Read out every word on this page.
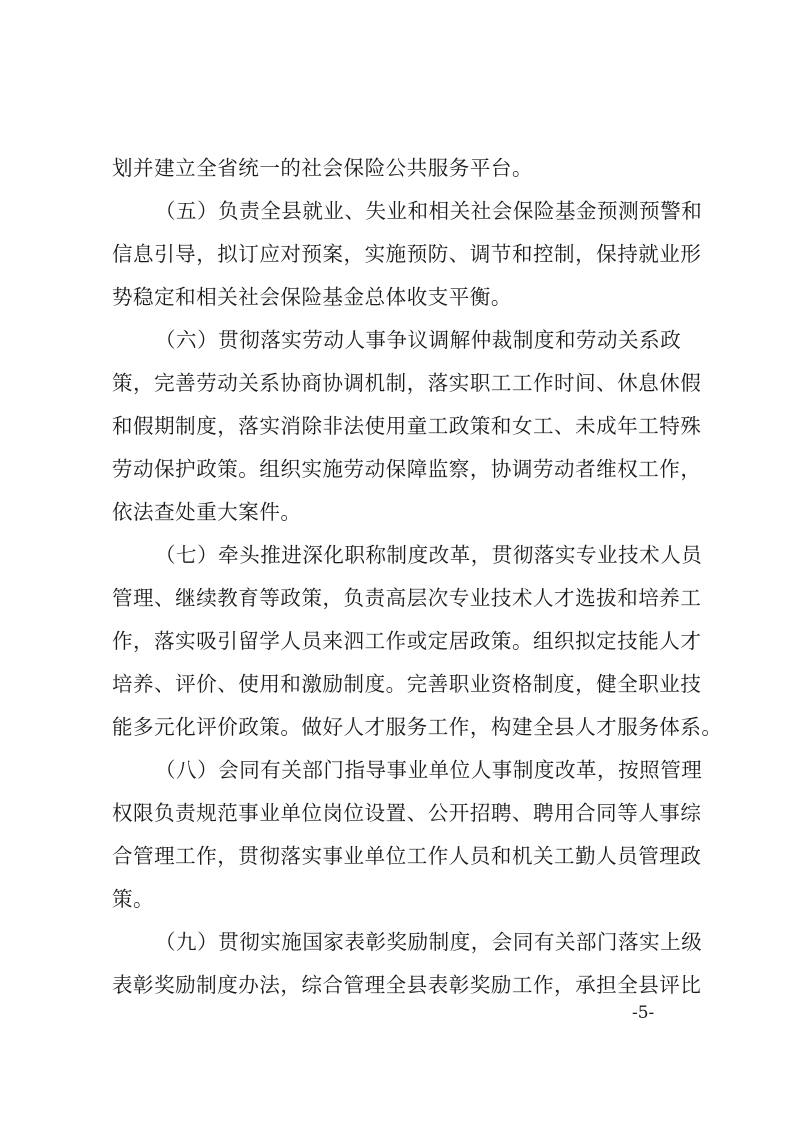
划并建立全省统一的社会保险公共服务平台。
（五）负责全县就业、失业和相关社会保险基金预测预警和
信息引导，拟订应对预案，实施预防、调节和控制，保持就业形
势稳定和相关社会保险基金总体收支平衡。
（六）贯彻落实劳动人事争议调解仲裁制度和劳动关系政
策，完善劳动关系协商协调机制，落实职工工作时间、休息休假
和假期制度，落实消除非法使用童工政策和女工、未成年工特殊
劳动保护政策。组织实施劳动保障监察，协调劳动者维权工作，
依法查处重大案件。
（七）牵头推进深化职称制度改革，贯彻落实专业技术人员
管理、继续教育等政策，负责高层次专业技术人才选拔和培养工
作，落实吸引留学人员来泗工作或定居政策。组织拟定技能人才
培养、评价、使用和激励制度。完善职业资格制度，健全职业技
能多元化评价政策。做好人才服务工作，构建全县人才服务体系。
（八）会同有关部门指导事业单位人事制度改革，按照管理
权限负责规范事业单位岗位设置、公开招聘、聘用合同等人事综
合管理工作，贯彻落实事业单位工作人员和机关工勤人员管理政
策。
（九）贯彻实施国家表彰奖励制度，会同有关部门落实上级
表彰奖励制度办法，综合管理全县表彰奖励工作，承担全县评比
-5-
